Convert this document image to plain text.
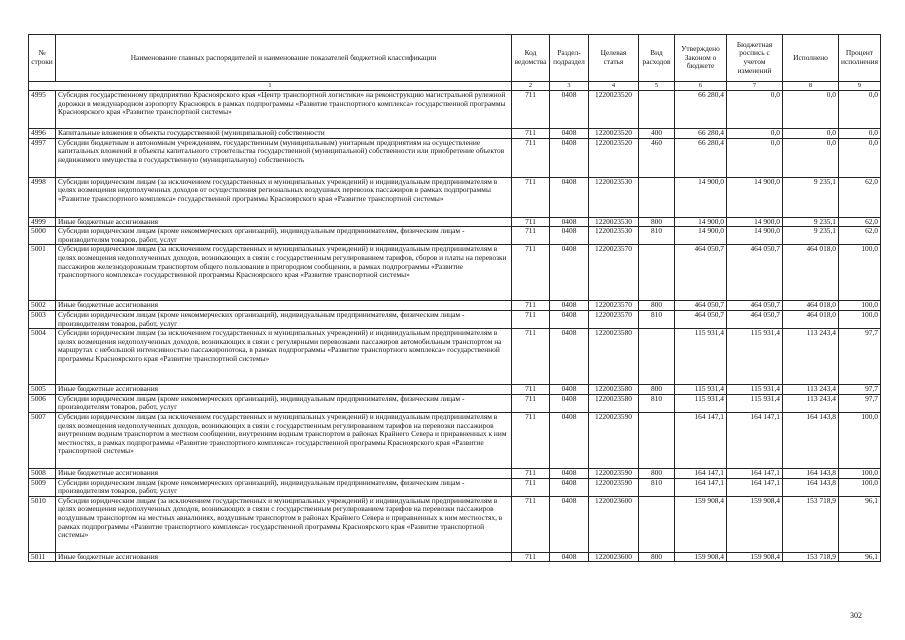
№ строки	Наименование главных распорядителей и наименование показателей бюджетной классификации	Код ведомства	Раздел-подраздел	Целевая статья	Вид расходов	Утверждено Законом о бюджете	Бюджетная роспись с учетом изменений	Исполнено	Процент исполнения
1		2	3	4	5	6	7	8	9
4995	Субсидия государственному предприятию Красноярского края «Центр транспортной логистики» на реконструкцию магистральной рулежной дорожки в международном аэропорту Красноярск в рамках подпрограммы «Развитие транспортного комплекса» государственной программы Красноярского края «Развитие транспортной системы»	711	0408	1220023520		66 280,4	0,0	0,0	0,0
4996	Капитальные вложения в объекты государственной (муниципальной) собственности	711	0408	1220023520	400	66 280,4	0,0	0,0	0,0
4997	Субсидии бюджетным и автономным учреждениям, государственным (муниципальным) унитарным предприятиям на осуществление капитальных вложений в объекты капитального строительства государственной (муниципальной) собственности или приобретение объектов недвижимого имущества в государственную (муниципальную) собственность	711	0408	1220023520	460	66 280,4	0,0	0,0	0,0
4998	Субсидии юридическим лицам (за исключением государственных и муниципальных учреждений) и индивидуальным предпринимателям в целях возмещения недополученных доходов от осуществления региональных воздушных перевозок пассажиров в рамках подпрограммы «Развитие транспортного комплекса» государственной программы Красноярского края «Развитие транспортной системы»	711	0408	1220023530		14 900,0	14 900,0	9 235,1	62,0
4999	Иные бюджетные ассигнования	711	0408	1220023530	800	14 900,0	14 900,0	9 235,1	62,0
5000	Субсидии юридическим лицам (кроме некоммерческих организаций), индивидуальным предпринимателям, физическим лицам - производителям товаров, работ, услуг	711	0408	1220023530	810	14 900,0	14 900,0	9 235,1	62,0
5001	Субсидии юридическим лицам (за исключением государственных и муниципальных учреждений) и индивидуальным предпринимателям в целях возмещения недополученных доходов, возникающих в связи с государственным регулированием тарифов, сборов и платы на перевозки пассажиров железнодорожным транспортом общего пользования в пригородном сообщении, в рамках подпрограммы «Развитие транспортного комплекса» государственной программы Красноярского края «Развитие транспортной системы»	711	0408	1220023570		464 050,7	464 050,7	464 018,0	100,0
5002	Иные бюджетные ассигнования	711	0408	1220023570	800	464 050,7	464 050,7	464 018,0	100,0
5003	Субсидии юридическим лицам (кроме некоммерческих организаций), индивидуальным предпринимателям, физическим лицам - производителям товаров, работ, услуг	711	0408	1220023570	810	464 050,7	464 050,7	464 018,0	100,0
5004	Субсидии юридическим лицам (за исключением государственных и муниципальных учреждений) и индивидуальным предпринимателям в целях возмещения недополученных доходов, возникающих в связи с регулярными перевозками пассажиров автомобильным транспортом на маршрутах с небольшой интенсивностью пассажиропотока, в рамках подпрограммы «Развитие транспортного комплекса» государственной программы Красноярского края «Развитие транспортной системы»	711	0408	1220023580		115 931,4	115 931,4	113 243,4	97,7
5005	Иные бюджетные ассигнования	711	0408	1220023580	800	115 931,4	115 931,4	113 243,4	97,7
5006	Субсидии юридическим лицам (кроме некоммерческих организаций), индивидуальным предпринимателям, физическим лицам - производителям товаров, работ, услуг	711	0408	1220023580	810	115 931,4	115 931,4	113 243,4	97,7
5007	Субсидии юридическим лицам (за исключением государственных и муниципальных учреждений) и индивидуальным предпринимателям в целях возмещения недополученных доходов, возникающих в связи с государственным регулированием тарифов на перевозки пассажиров внутренним водным транспортом в местном сообщении, внутренним водным транспортом в районах Крайнего Севера и приравненных к ним местностях, в рамках подпрограммы «Развитие транспортного комплекса» государственной программы Красноярского края «Развитие транспортной системы»	711	0408	1220023590		164 147,1	164 147,1	164 143,8	100,0
5008	Иные бюджетные ассигнования	711	0408	1220023590	800	164 147,1	164 147,1	164 143,8	100,0
5009	Субсидии юридическим лицам (кроме некоммерческих организаций), индивидуальным предпринимателям, физическим лицам - производителям товаров, работ, услуг	711	0408	1220023590	810	164 147,1	164 147,1	164 143,8	100,0
5010	Субсидии юридическим лицам (за исключением государственных и муниципальных учреждений) и индивидуальным предпринимателям в целях возмещения недополученных доходов, возникающих в связи с государственным регулированием тарифов на перевозки пассажиров воздушным транспортом на местных авиалиниях, воздушным транспортом в районах Крайнего Севера и приравненных к ним местностях, в рамках подпрограммы «Развитие транспортного комплекса» государственной программы Красноярского края «Развитие транспортной системы»	711	0408	1220023600		159 908,4	159 908,4	153 718,9	96,1
5011	Иные бюджетные ассигнования	711	0408	1220023600	800	159 908,4	159 908,4	153 718,9	96,1
302
